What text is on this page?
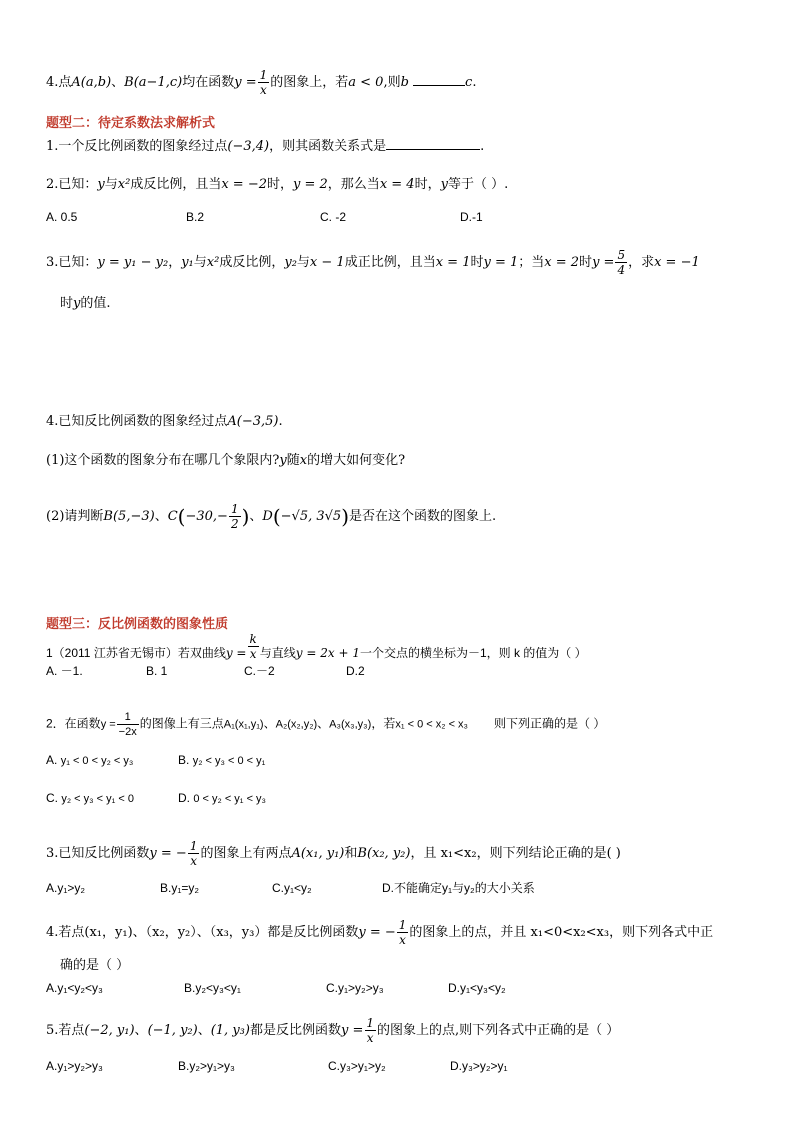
4.点A(a,b)、B(a−1,c)均在函数$y = \frac{1}{x}$ 的图象上，若a < 0,则b	c.
题型二：待定系数法求解析式
1.一个反比例函数的图象经过点(−3,4)，则其函数关系式是	.
2.已知：y与x²成反比例，且当x = −2时，y = 2，那么当x = 4时，y等于（ ）.
A. 0.5	B.2	C. -2	D.-1
3.已知：y = y₁ − y₂，y₁与x²成反比例，y₂与x − 1成正比例，且当x = 1时y = 1；当x = 2时$y = \frac{5}{4}$ ，求x = −1
时y的值.
4.已知反比例函数的图象经过点A(−3,5).
(1)这个函数的图象分布在哪几个象限内?y随x的增大如何变化?
(2)请判断B(5,−3)、$C(-30,- \frac{1}{2}$ )、D(−√5, 3√5)是否在这个函数的图象上.
题型三：反比例函数的图象性质
1（2011 江苏省无锡市）若双曲线$y = \frac{k}{x}$ 与直线y = 2x + 1一个交点的横坐标为－1，则 k 的值为（ ）
A. －1.	B. 1	C.－2	D.2
2．在函数$y = \frac{1}{-2x}$ 的图像上有三点A₁(x₁,y₁)、A₂(x₂,y₂)、A₃(x₃,y₃)，若x₁ < 0 < x₂ < x₃ 则下列正确的是（ ）
A. y₁ < 0 < y₂ < y₃	B. y₂ < y₃ < 0 < y₁
C. y₂ < y₃ < y₁ < 0	D. 0 < y₂ < y₁ < y₃
3.已知反比例函数y = − $\frac{1}{x}$ 的图象上有两点A(x₁, y₁)和B(x₂, y₂)，且 x₁<x₂，则下列结论正确的是( )
A.y₁>y₂	B.y₁=y₂	C.y₁<y₂	D.不能确定y₁与y₂的大小关系
4.若点(x₁，y₁)、（x₂，y₂）、（x₃，y₃）都是反比例函数y = − $\frac{1}{x}$ 的图象上的点，并且 x₁<0<x₂<x₃，则下列各式中正
确的是（ ）
A.y₁<y₂<y₃	B.y₂<y₃<y₁	C.y₁>y₂>y₃	D.y₁<y₃<y₂
5.若点(−2, y₁)、(−1, y₂)、(1, y₃)都是反比例函数$y = \frac{1}{x}$ 的图象上的点,则下列各式中正确的是（ ）
A.y₁>y₂>y₃	B.y₂>y₁>y₃	C.y₃>y₁>y₂	D.y₃>y₂>y₁
